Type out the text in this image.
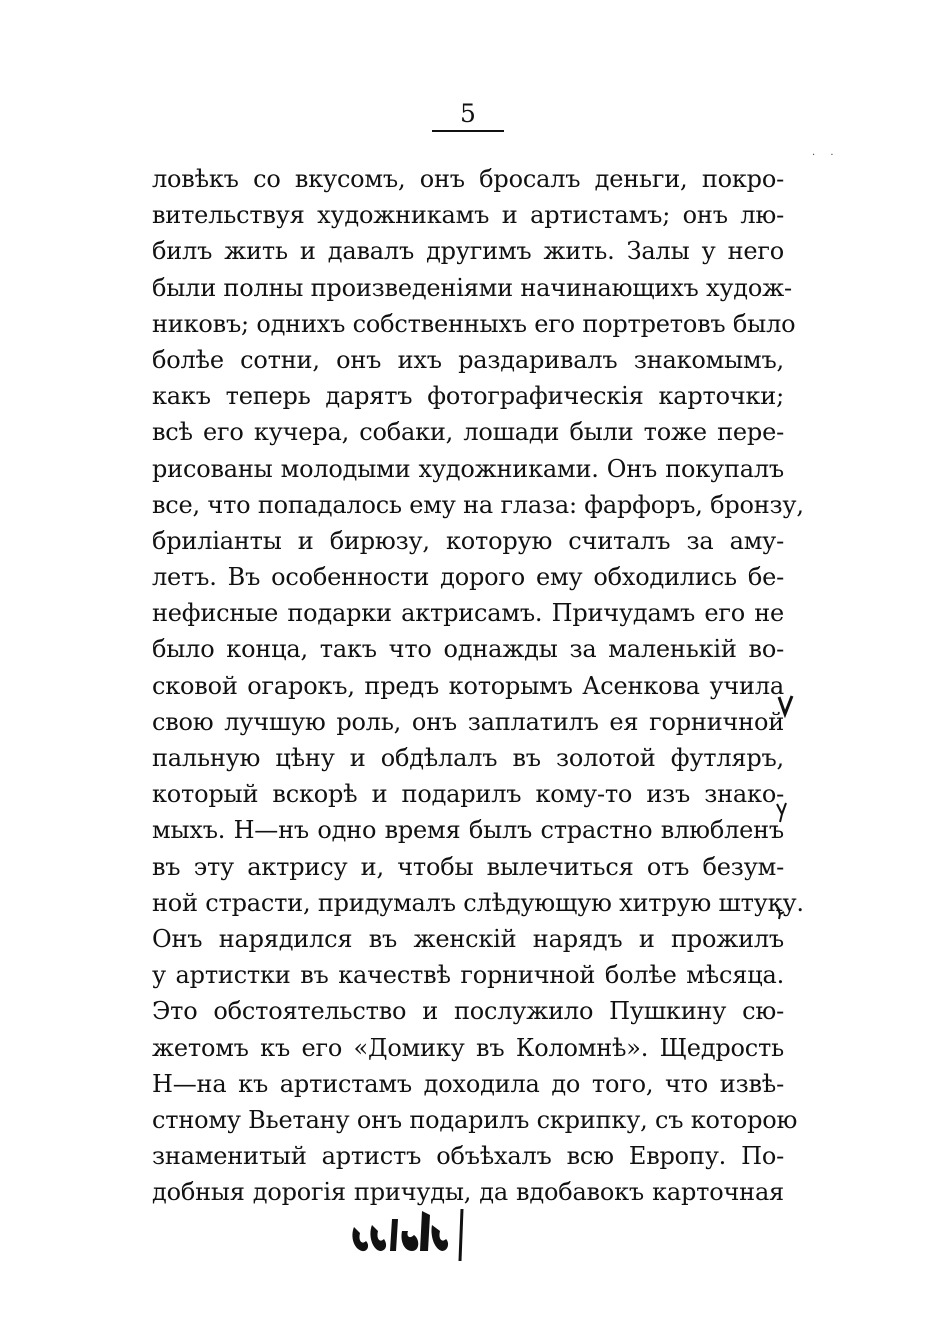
5
· ·
ловѣкъ со вкусомъ, онъ бросалъ деньги, покро-
вительствуя художникамъ и артистамъ; онъ лю-
билъ жить и давалъ другимъ жить. Залы у него
были полны произведеніями начинающихъ худож-
никовъ; однихъ собственныхъ его портретовъ было
болѣе сотни, онъ ихъ раздаривалъ знакомымъ,
какъ теперь дарятъ фотографическія карточки;
всѣ его кучера, собаки, лошади были тоже пере-
рисованы молодыми художниками. Онъ покупалъ
все, что попадалось ему на глаза: фарфоръ, бронзу,
бриліанты и бирюзу, которую считалъ за аму-
летъ. Въ особенности дорого ему обходились бе-
нефисные подарки актрисамъ. Причудамъ его не
было конца, такъ что однажды за маленькій во-
сковой огарокъ, предъ которымъ Асенкова учила
свою лучшую роль, онъ заплатилъ ея горничной
пальную цѣну и обдѣлалъ въ золотой футляръ,
который вскорѣ и подарилъ кому-то изъ знако-
мыхъ. Н—нъ одно время былъ страстно влюбленъ
въ эту актрису и, чтобы вылечиться отъ безум-
ной страсти, придумалъ слѣдующую хитрую штуку.
Онъ нарядился въ женскій нарядъ и прожилъ
у артистки въ качествѣ горничной болѣе мѣсяца.
Это обстоятельство и послужило Пушкину сю-
жетомъ къ его «Домику въ Коломнѣ». Щедрость
Н—на къ артистамъ доходила до того, что извѣ-
стному Вьетану онъ подарилъ скрипку, съ которою
знаменитый артистъ объѣхалъ всю Европу. По-
добныя дорогія причуды, да вдобавокъ карточная
